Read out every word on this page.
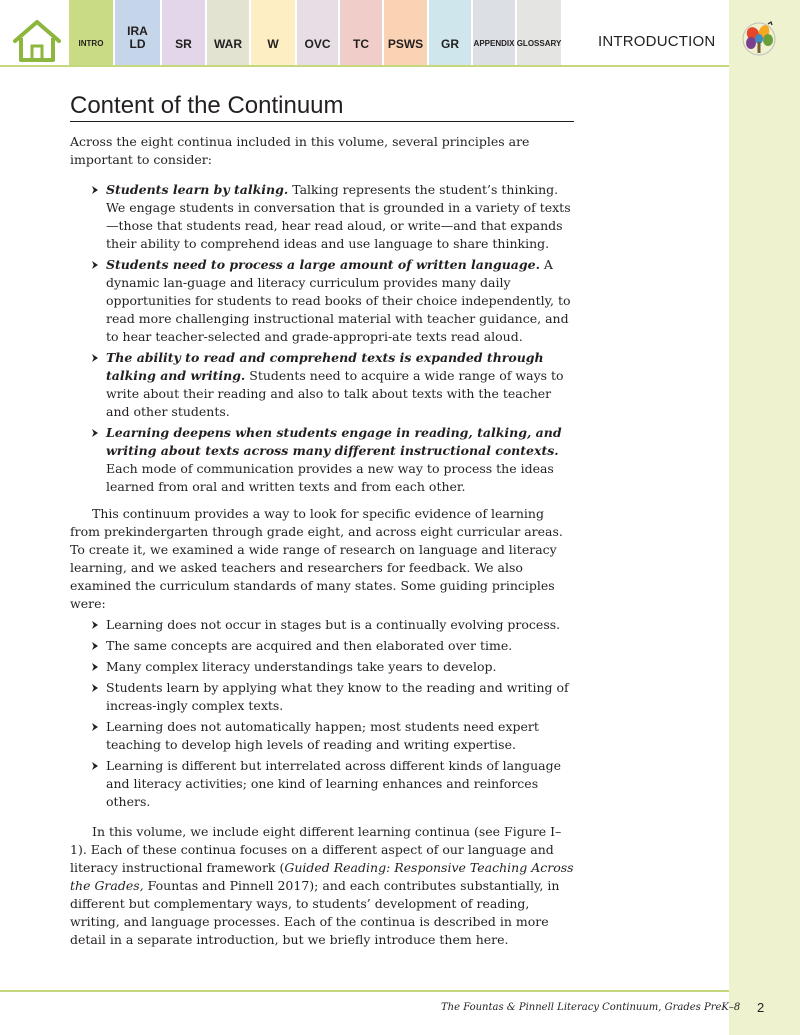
INTRO
IRA LD	SR WAR W OVC TC PSWS GR APPENDIX GLOSSARY INTRODUCTION
Content of the Continuum

Across the eight continua included in this volume, several principles are important to consider:

Students learn by talking. Talking represents the student’s thinking. We engage students in conversation that is grounded in a variety of texts—those that students read, hear read aloud, or write—and that expands their ability to comprehend ideas and use language to share thinking.
Students need to process a large amount of written language. A dynamic lan-guage and literacy curriculum provides many daily opportunities for students to read books of their choice independently, to read more challenging instructional material with teacher guidance, and to hear teacher-selected and grade-appropri-ate texts read aloud.
The ability to read and comprehend texts is expanded through talking and writing. Students need to acquire a wide range of ways to write about their reading and also to talk about texts with the teacher and other students.
Learning deepens when students engage in reading, talking, and writing about texts across many different instructional contexts. Each mode of communication provides a new way to process the ideas learned from oral and written texts and from each other.

This continuum provides a way to look for specific evidence of learning from prekindergarten through grade eight, and across eight curricular areas. To create it, we examined a wide range of research on language and literacy learning, and we asked teachers and researchers for feedback. We also examined the curriculum standards of many states. Some guiding principles were:

Learning does not occur in stages but is a continually evolving process.
The same concepts are acquired and then elaborated over time.
Many complex literacy understandings take years to develop.
Students learn by applying what they know to the reading and writing of increas-ingly complex texts.
Learning does not automatically happen; most students need expert teaching to develop high levels of reading and writing expertise.
Learning is different but interrelated across different kinds of language and literacy activities; one kind of learning enhances and reinforces others.

In this volume, we include eight different learning continua (see Figure I–1). Each of these continua focuses on a different aspect of our language and literacy instructional framework (Guided Reading: Responsive Teaching Across the Grades, Fountas and Pinnell 2017); and each contributes substantially, in different but complementary ways, to students’ development of reading, writing, and language processes. Each of the continua is described in more detail in a separate introduction, but we briefly introduce them here.

The Fountas & Pinnell Literacy Continuum, Grades PreK–8 2
